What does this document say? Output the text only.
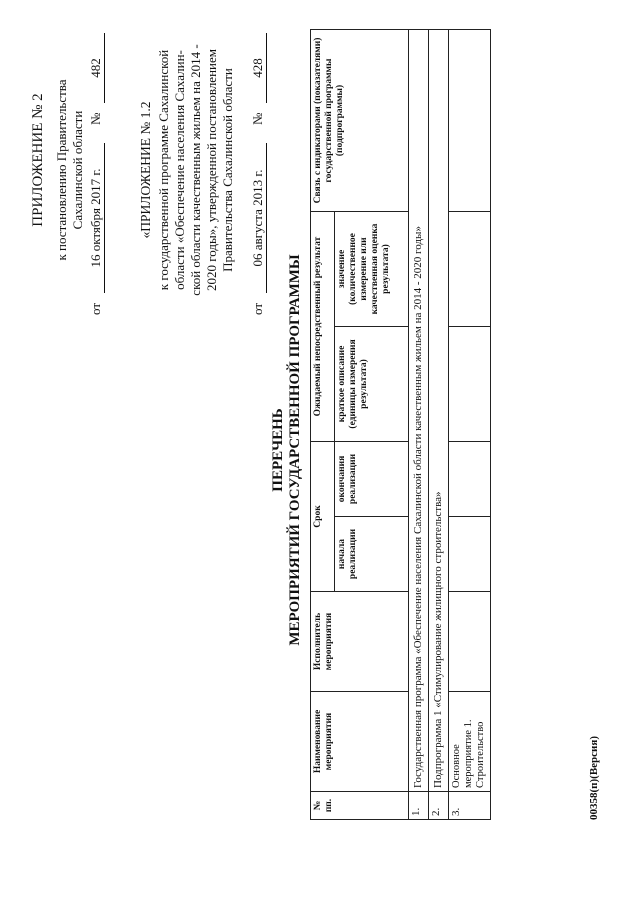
ПРИЛОЖЕНИЕ № 2 к постановлению Правительства Сахалинской области
от
16 октября 2017 г.
№
482
«ПРИЛОЖЕНИЕ № 1.2
к государственной программе Сахалинской
области «Обеспечение населения Сахалин-
ской области качественным жильем на 2014 -
2020 годы», утвержденной постановлением
Правительства Сахалинской области
от
06 августа 2013 г.
№
428
ПЕРЕЧЕНЬ МЕРОПРИЯТИЙ ГОСУДАРСТВЕННОЙ ПРОГРАММЫ
№ пп.	Наименование мероприятия	Исполнитель мероприятия	Срок		Ожидаемый непосредственный результат		Связь с индикаторами (показателями) государственной программы (подпрограммы)
			начала реализации	окончания реализации	краткое описание (единицы измерения результата)	значение (количественное измерение или качественная оценка результата)	
1.	Государственная программа «Обеспечение населения Сахалинской области качественным жильем на 2014 - 2020 годы»						
2.	Подпрограмма 1 «Стимулирование жилищного строительства»						
3.	Основное мероприятие 1. Строительство							00358(п)(Версия)
